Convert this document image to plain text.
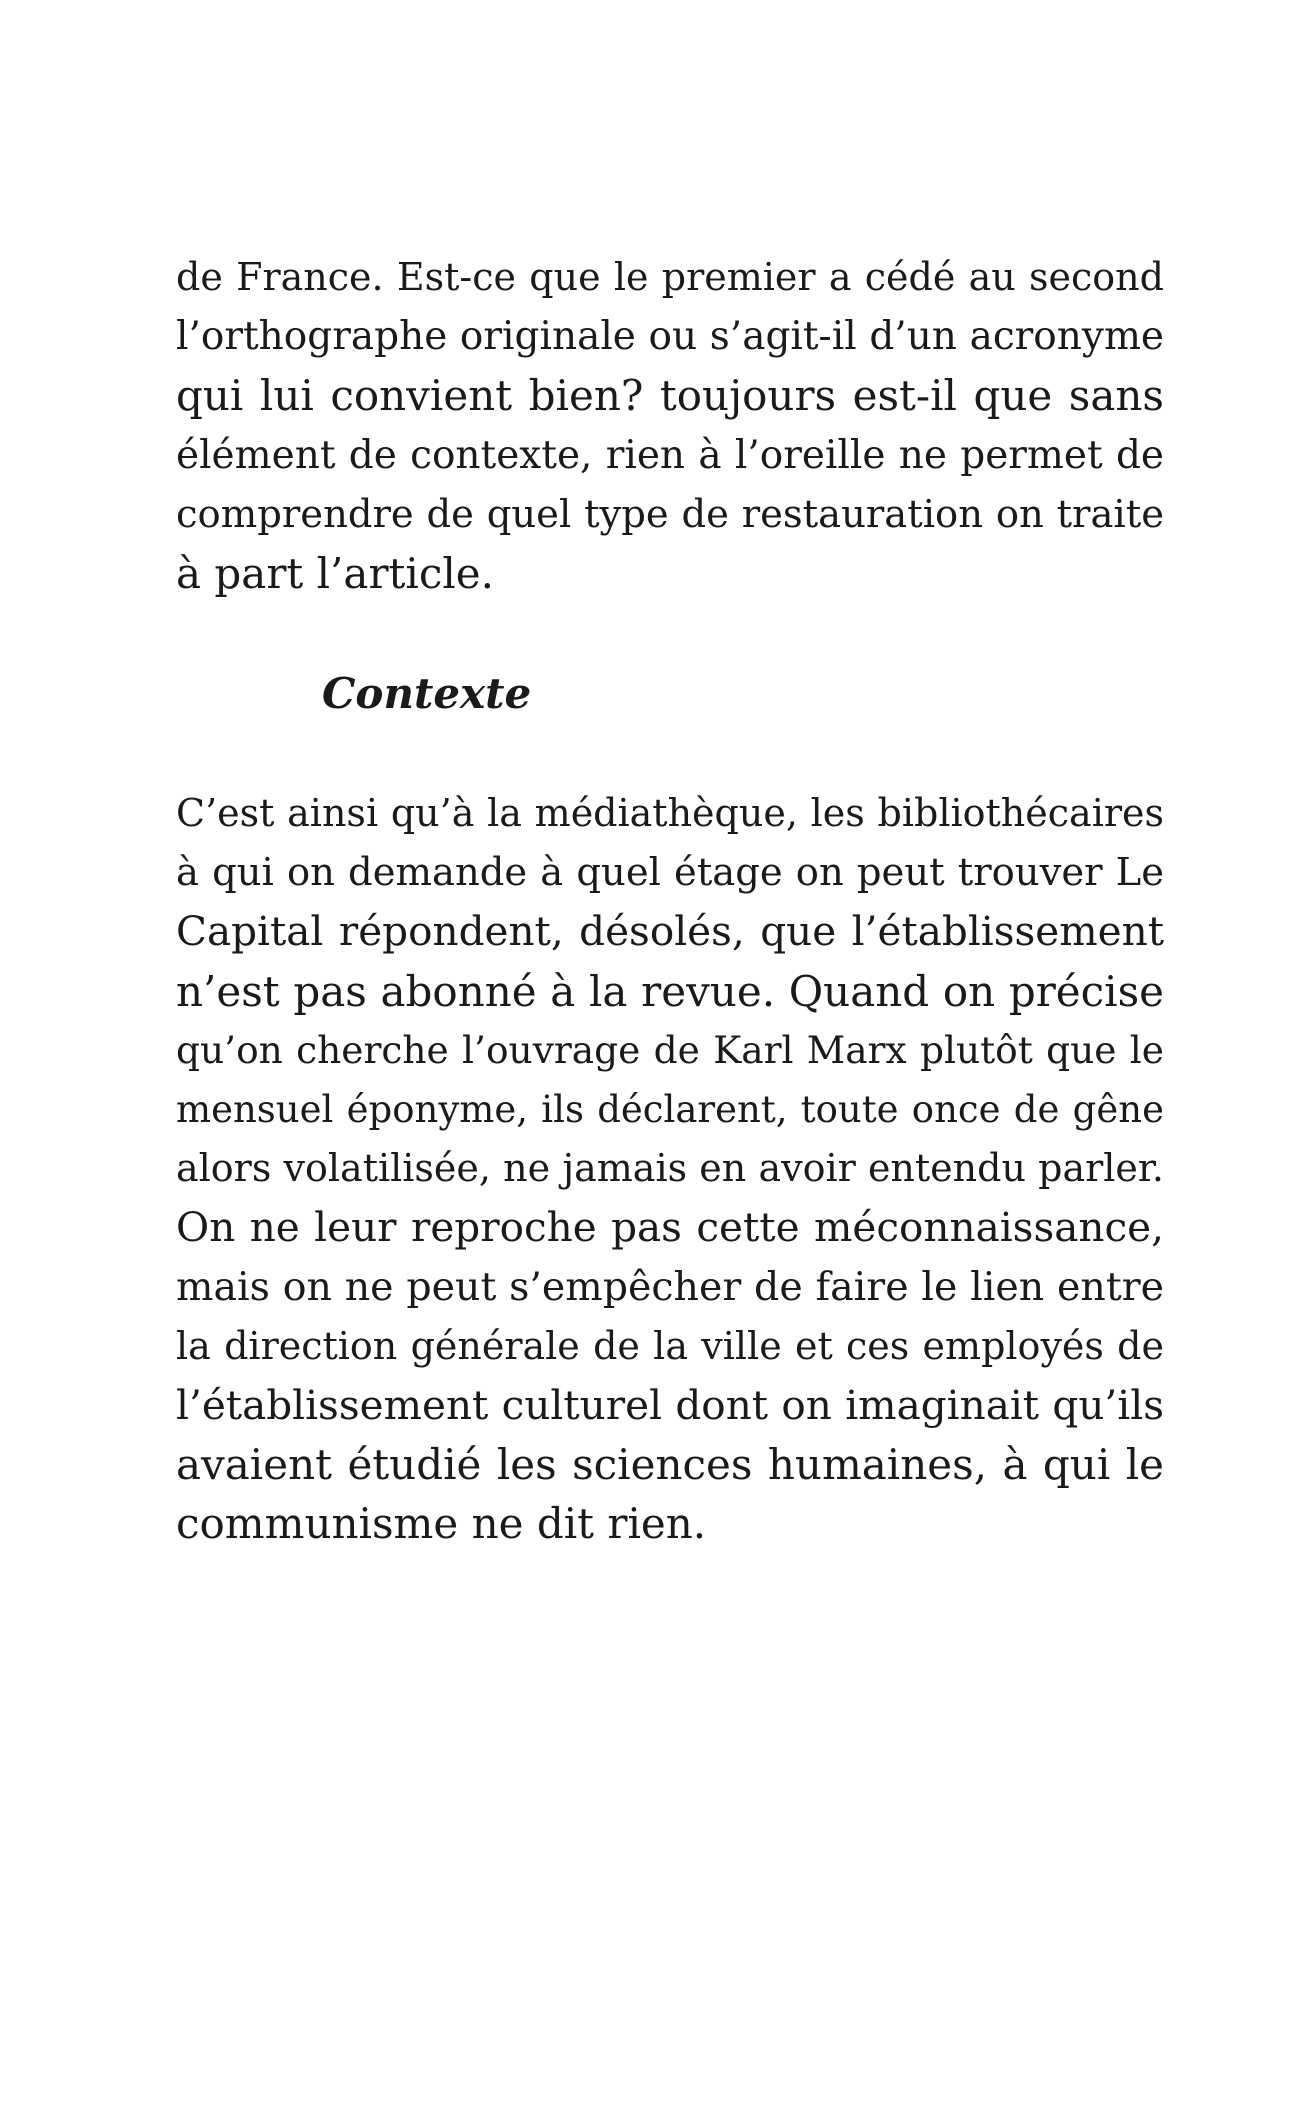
de France. Est-ce que le premier a cédé au second
l’orthographe originale ou s’agit-il d’un acronyme
qui lui convient bien? toujours est-il que sans
élément de contexte, rien à l’oreille ne permet de
comprendre de quel type de restauration on traite
à part l’article.
Contexte
C’est ainsi qu’à la médiathèque, les bibliothécaires
à qui on demande à quel étage on peut trouver Le
Capital répondent, désolés, que l’établissement
n’est pas abonné à la revue. Quand on précise
qu’on cherche l’ouvrage de Karl Marx plutôt que le
mensuel éponyme, ils déclarent, toute once de gêne
alors volatilisée, ne jamais en avoir entendu parler.
On ne leur reproche pas cette méconnaissance,
mais on ne peut s’empêcher de faire le lien entre
la direction générale de la ville et ces employés de
l’établissement culturel dont on imaginait qu’ils
avaient étudié les sciences humaines, à qui le
communisme ne dit rien.
